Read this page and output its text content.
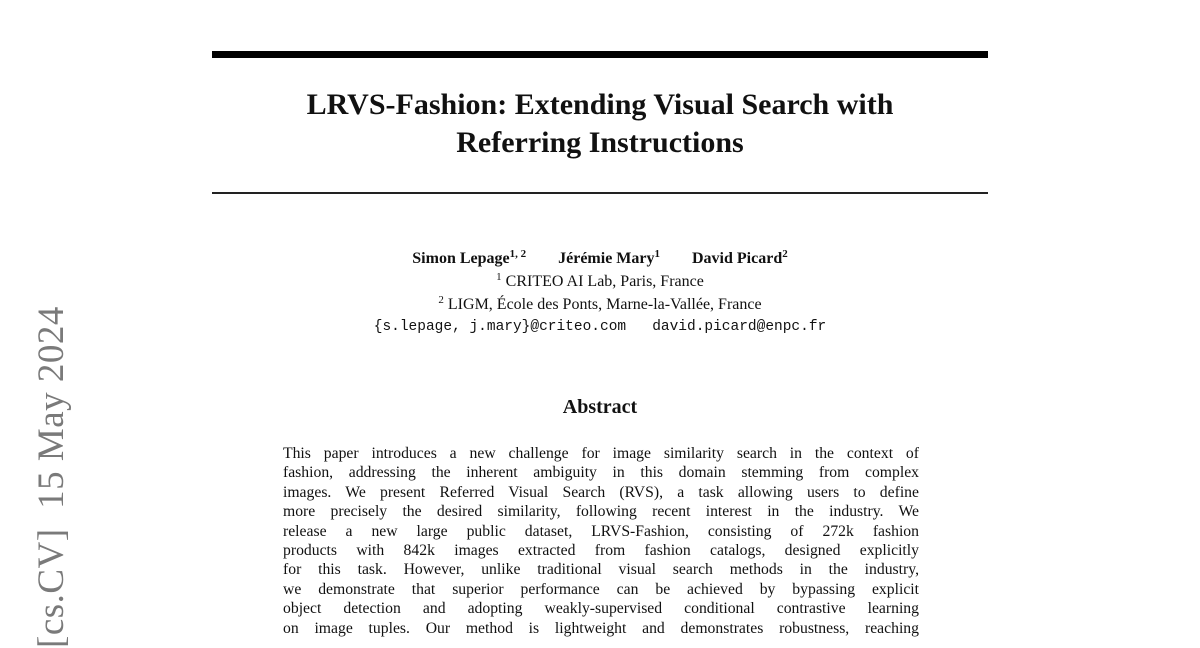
LRVS-Fashion: Extending Visual Search with
Referring Instructions
Simon Lepage$^{1, 2}$ Jérémie Mary$^1$ David Picard$^2$
$^1$ CRITEO AI Lab, Paris, France
$^2$ LIGM, École des Ponts, Marne-la-Vallée, France
{s.lepage, j.mary}@criteo.com   david.picard@enpc.fr
Abstract
This paper introduces a new challenge for image similarity search in the context of
fashion, addressing the inherent ambiguity in this domain stemming from complex
images. We present Referred Visual Search (RVS), a task allowing users to define
more precisely the desired similarity, following recent interest in the industry. We
release a new large public dataset, LRVS-Fashion, consisting of 272k fashion
products with 842k images extracted from fashion catalogs, designed explicitly
for this task. However, unlike traditional visual search methods in the industry,
we demonstrate that superior performance can be achieved by bypassing explicit
object detection and adopting weakly-supervised conditional contrastive learning
on image tuples. Our method is lightweight and demonstrates robustness, reaching
[cs.CV]  15 May 2024
